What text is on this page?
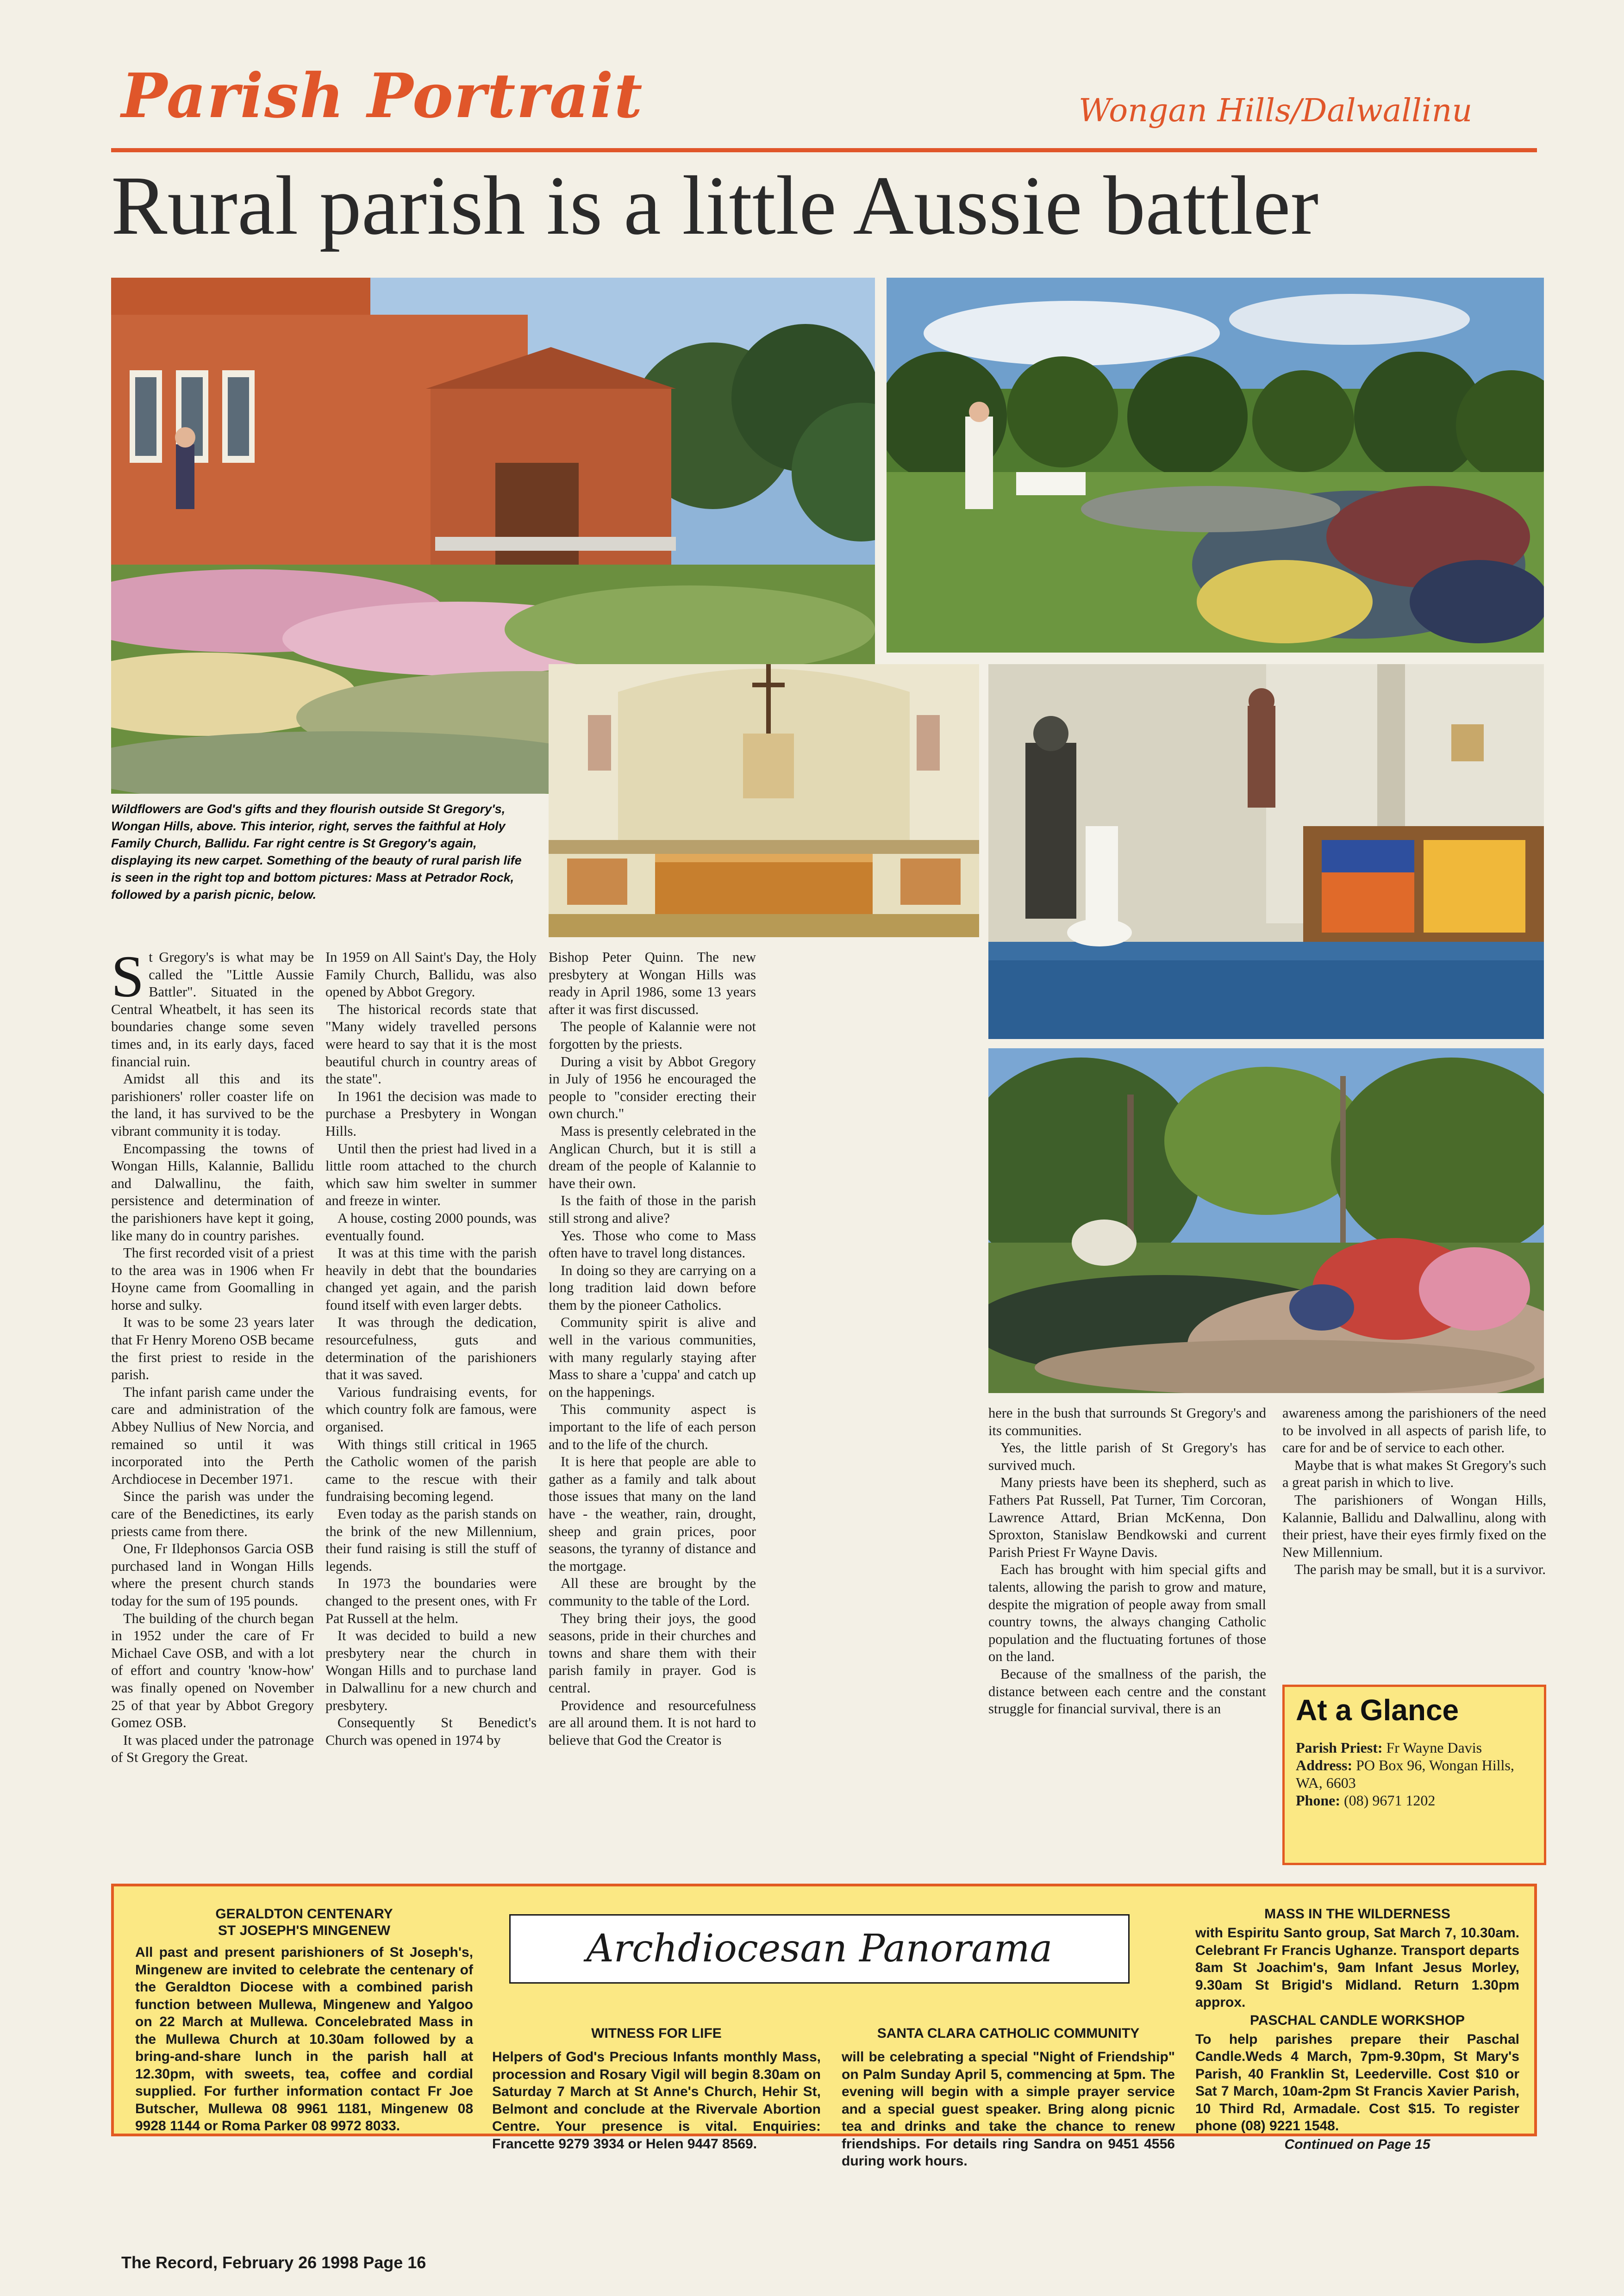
Parish Portrait	Wongan Hills/Dalwallinu
Rural parish is a little Aussie battler
Wildflowers are God's gifts and they flourish outside St Gregory's, Wongan Hills, above. This interior, right, serves the faithful at Holy Family Church, Ballidu. Far right centre is St Gregory's again, displaying its new carpet. Something of the beauty of rural parish life is seen in the right top and bottom pictures: Mass at Petrador Rock, followed by a parish picnic, below.
S t Gregory's is what may be called the "Little Aussie Battler". Situated in the Central Wheatbelt, it has seen its boundaries change some seven times and, in its early days, faced financial ruin.

Amidst all this and its parishioners' roller coaster life on the land, it has survived to be the vibrant community it is today.

Encompassing the towns of Wongan Hills, Kalannie, Ballidu and Dalwallinu, the faith, persistence and determination of the parishioners have kept it going, like many do in country parishes.

The first recorded visit of a priest to the area was in 1906 when Fr Hoyne came from Goomalling in horse and sulky.

It was to be some 23 years later that Fr Henry Moreno OSB became the first priest to reside in the parish.

The infant parish came under the care and administration of the Abbey Nullius of New Norcia, and remained so until it was incorporated into the Perth Archdiocese in December 1971.

Since the parish was under the care of the Benedictines, its early priests came from there.

One, Fr Ildephonsos Garcia OSB purchased land in Wongan Hills where the present church stands today for the sum of 195 pounds.

The building of the church began in 1952 under the care of Fr Michael Cave OSB, and with a lot of effort and country 'know-how' was finally opened on November 25 of that year by Abbot Gregory Gomez OSB.

It was placed under the patronage of St Gregory the Great.

In 1959 on All Saint's Day, the Holy Family Church, Ballidu, was also opened by Abbot Gregory.

The historical records state that "Many widely travelled persons were heard to say that it is the most beautiful church in country areas of the state".

In 1961 the decision was made to purchase a Presbytery in Wongan Hills.

Until then the priest had lived in a little room attached to the church which saw him swelter in summer and freeze in winter.

A house, costing 2000 pounds, was eventually found.

It was at this time with the parish heavily in debt that the boundaries changed yet again, and the parish found itself with even larger debts.

It was through the dedication, resourcefulness, guts and determination of the parishioners that it was saved.

Various fundraising events, for which country folk are famous, were organised.

With things still critical in 1965 the Catholic women of the parish came to the rescue with their fundraising becoming legend.

Even today as the parish stands on the brink of the new Millennium, their fund raising is still the stuff of legends.

In 1973 the boundaries were changed to the present ones, with Fr Pat Russell at the helm.

It was decided to build a new presbytery near the church in Wongan Hills and to purchase land in Dalwallinu for a new church and presbytery.

Consequently St Benedict's Church was opened in 1974 by

Bishop Peter Quinn. The new presbytery at Wongan Hills was ready in April 1986, some 13 years after it was first discussed.

The people of Kalannie were not forgotten by the priests.

During a visit by Abbot Gregory in July of 1956 he encouraged the people to "consider erecting their own church."

Mass is presently celebrated in the Anglican Church, but it is still a dream of the people of Kalannie to have their own.

Is the faith of those in the parish still strong and alive?

Yes. Those who come to Mass often have to travel long distances.

In doing so they are carrying on a long tradition laid down before them by the pioneer Catholics.

Community spirit is alive and well in the various communities, with many regularly staying after Mass to share a 'cuppa' and catch up on the happenings.

This community aspect is important to the life of each person and to the life of the church.

It is here that people are able to gather as a family and talk about those issues that many on the land have - the weather, rain, drought, sheep and grain prices, poor seasons, the tyranny of distance and the mortgage.

All these are brought by the community to the table of the Lord.

They bring their joys, the good seasons, pride in their churches and towns and share them with their parish family in prayer. God is central.

Providence and resourcefulness are all around them. It is not hard to believe that God the Creator is

here in the bush that surrounds St Gregory's and its communities.

Yes, the little parish of St Gregory's has survived much.

Many priests have been its shepherd, such as Fathers Pat Russell, Pat Turner, Tim Corcoran, Lawrence Attard, Brian McKenna, Don Sproxton, Stanislaw Bendkowski and current Parish Priest Fr Wayne Davis.

Each has brought with him special gifts and talents, allowing the parish to grow and mature, despite the migration of people away from small country towns, the always changing Catholic population and the fluctuating fortunes of those on the land.

Because of the smallness of the parish, the distance between each centre and the constant struggle for financial survival, there is an

awareness among the parishioners of the need to be involved in all aspects of parish life, to care for and be of service to each other.

Maybe that is what makes St Gregory's such a great parish in which to live.

The parishioners of Wongan Hills, Kalannie, Ballidu and Dalwallinu, along with their priest, have their eyes firmly fixed on the New Millennium.

The parish may be small, but it is a survivor.

At a Glance
Parish Priest: Fr Wayne Davis
Address: PO Box 96, Wongan Hills, WA, 6603
Phone: (08) 9671 1202
Archdiocesan Panorama
GERALDTON CENTENARY
ST JOSEPH'S MINGENEW
All past and present parishioners of St Joseph's, Mingenew are invited to celebrate the centenary of the Geraldton Diocese with a combined parish function between Mullewa, Mingenew and Yalgoo on 22 March at Mullewa. Concelebrated Mass in the Mullewa Church at 10.30am followed by a bring-and-share lunch in the parish hall at 12.30pm, with sweets, tea, coffee and cordial supplied. For further information contact Fr Joe Butscher, Mullewa 08 9961 1181, Mingenew 08 9928 1144 or Roma Parker 08 9972 8033.
WITNESS FOR LIFE
Helpers of God's Precious Infants monthly Mass, procession and Rosary Vigil will begin 8.30am on Saturday 7 March at St Anne's Church, Hehir St, Belmont and conclude at the Rivervale Abortion Centre. Your presence is vital. Enquiries: Francette 9279 3934 or Helen 9447 8569.
SANTA CLARA CATHOLIC COMMUNITY
will be celebrating a special "Night of Friendship" on Palm Sunday April 5, commencing at 5pm. The evening will begin with a simple prayer service and a special guest speaker. Bring along picnic tea and drinks and take the chance to renew friendships. For details ring Sandra on 9451 4556 during work hours.
MASS IN THE WILDERNESS
with Espiritu Santo group, Sat March 7, 10.30am. Celebrant Fr Francis Ughanze. Transport departs 8am St Joachim's, 9am Infant Jesus Morley, 9.30am St Brigid's Midland. Return 1.30pm approx.
PASCHAL CANDLE WORKSHOP
To help parishes prepare their Paschal Candle.Weds 4 March, 7pm-9.30pm, St Mary's Parish, 40 Franklin St, Leederville. Cost $10 or Sat 7 March, 10am-2pm St Francis Xavier Parish, 10 Third Rd, Armadale. Cost $15. To register phone (08) 9221 1548.
Continued on Page 15
The Record, February 26 1998 Page 16
